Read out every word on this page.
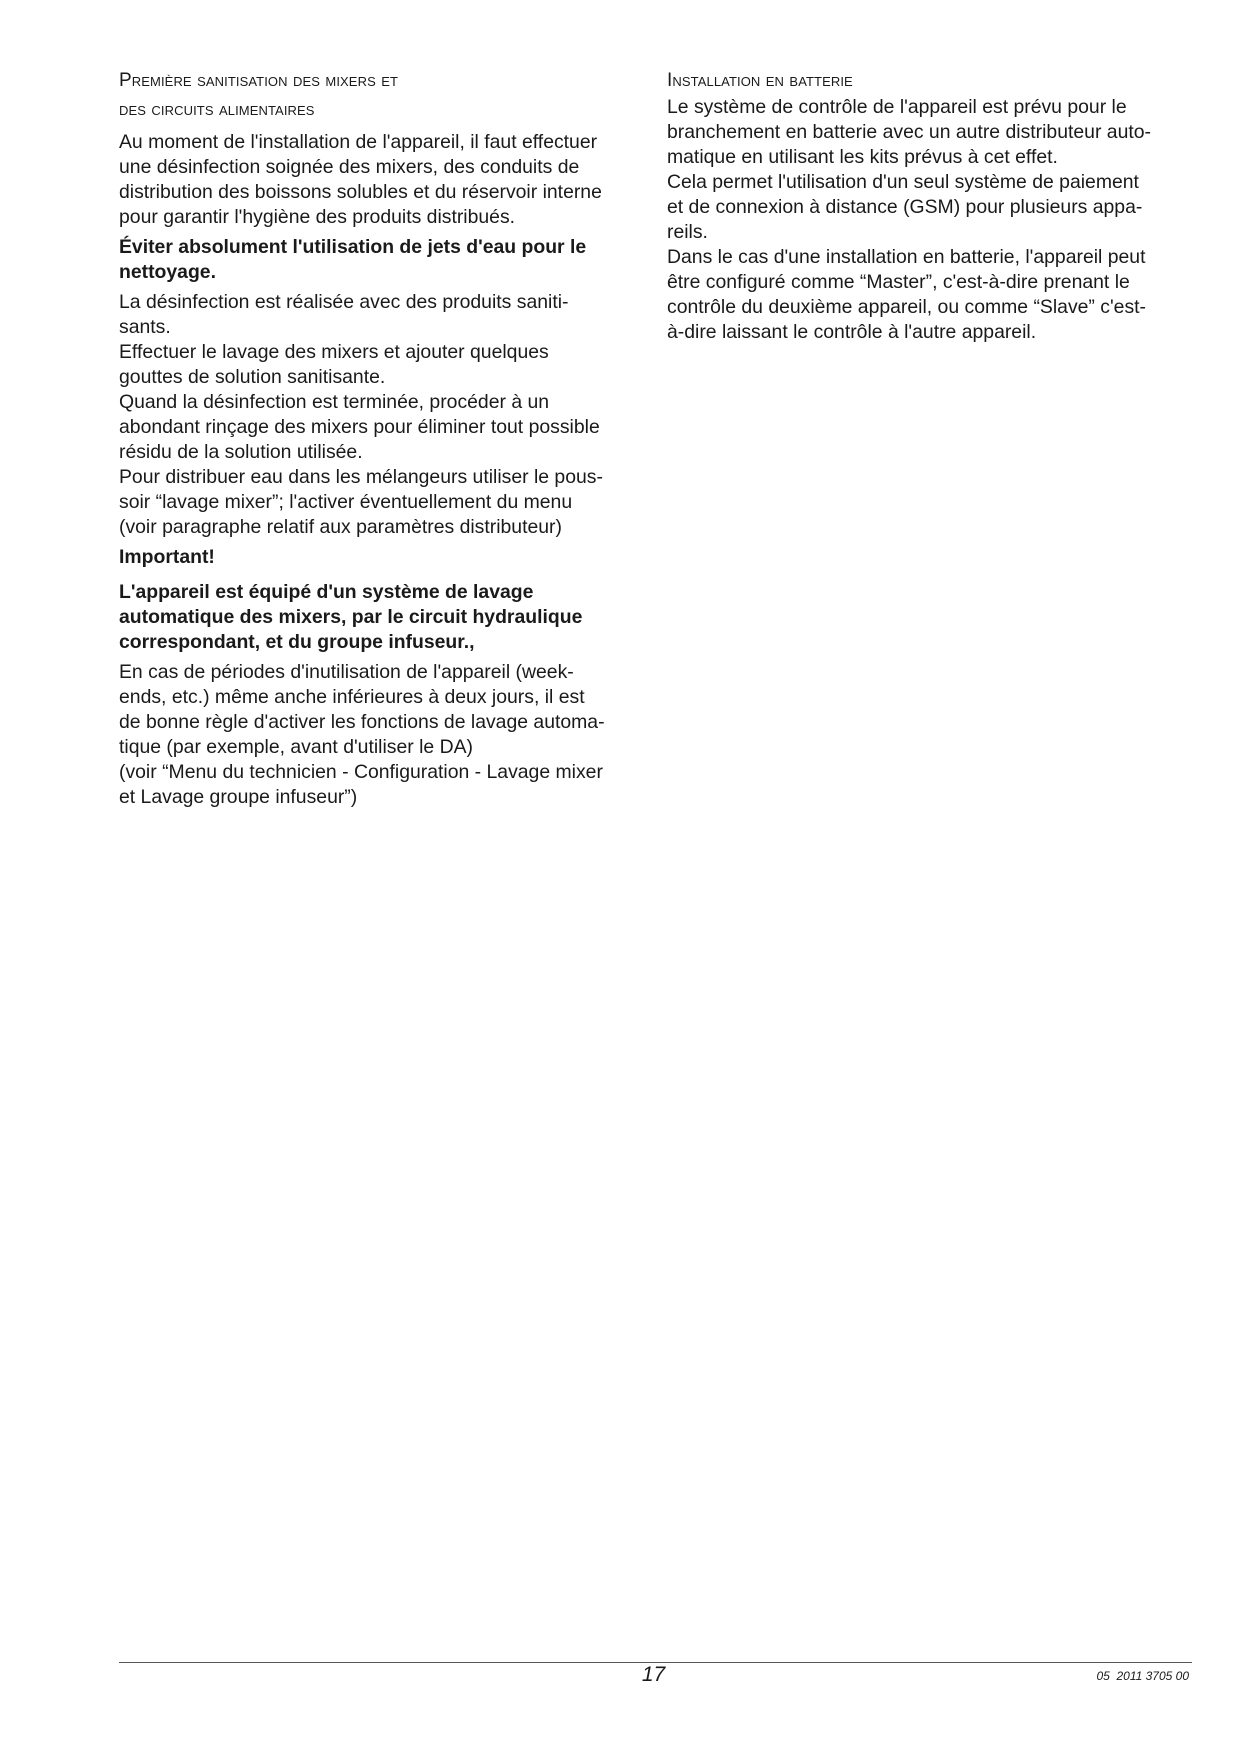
Première sanitisation des mixers et
des circuits alimentaires
Au moment de l'installation de l'appareil, il faut effectuer
une désinfection soignée des mixers, des conduits de
distribution des boissons solubles et du réservoir interne
pour garantir l'hygiène des produits distribués.
Éviter absolument l'utilisation de jets d'eau pour le
nettoyage.
La désinfection est réalisée avec des produits saniti-
sants.
Effectuer le lavage des mixers et ajouter quelques
gouttes de solution sanitisante.
Quand la désinfection est terminée, procéder à un
abondant rinçage des mixers pour éliminer tout possible
résidu de la solution utilisée.
Pour distribuer eau dans les mélangeurs utiliser le pous-
soir “lavage mixer”; l'activer éventuellement du menu
(voir paragraphe relatif aux paramètres distributeur)
Important!
L'appareil est équipé d'un système de lavage
automatique des mixers, par le circuit hydraulique
correspondant, et du groupe infuseur.,
En cas de périodes d'inutilisation de l'appareil (week-
ends, etc.) même anche inférieures à deux jours, il est
de bonne règle d'activer les fonctions de lavage automa-
tique (par exemple, avant d'utiliser le DA)
(voir “Menu du technicien - Configuration - Lavage mixer
et Lavage groupe infuseur”)
Installation en batterie
Le système de contrôle de l'appareil est prévu pour le
branchement en batterie avec un autre distributeur auto-
matique en utilisant les kits prévus à cet effet.
Cela permet l'utilisation d'un seul système de paiement
et de connexion à distance (GSM) pour plusieurs appa-
reils.
Dans le cas d'une installation en batterie, l'appareil peut
être configuré comme “Master”, c'est-à-dire prenant le
contrôle du deuxième appareil, ou comme “Slave” c'est-
à-dire laissant le contrôle à l'autre appareil.
17	05  2011 3705 00
